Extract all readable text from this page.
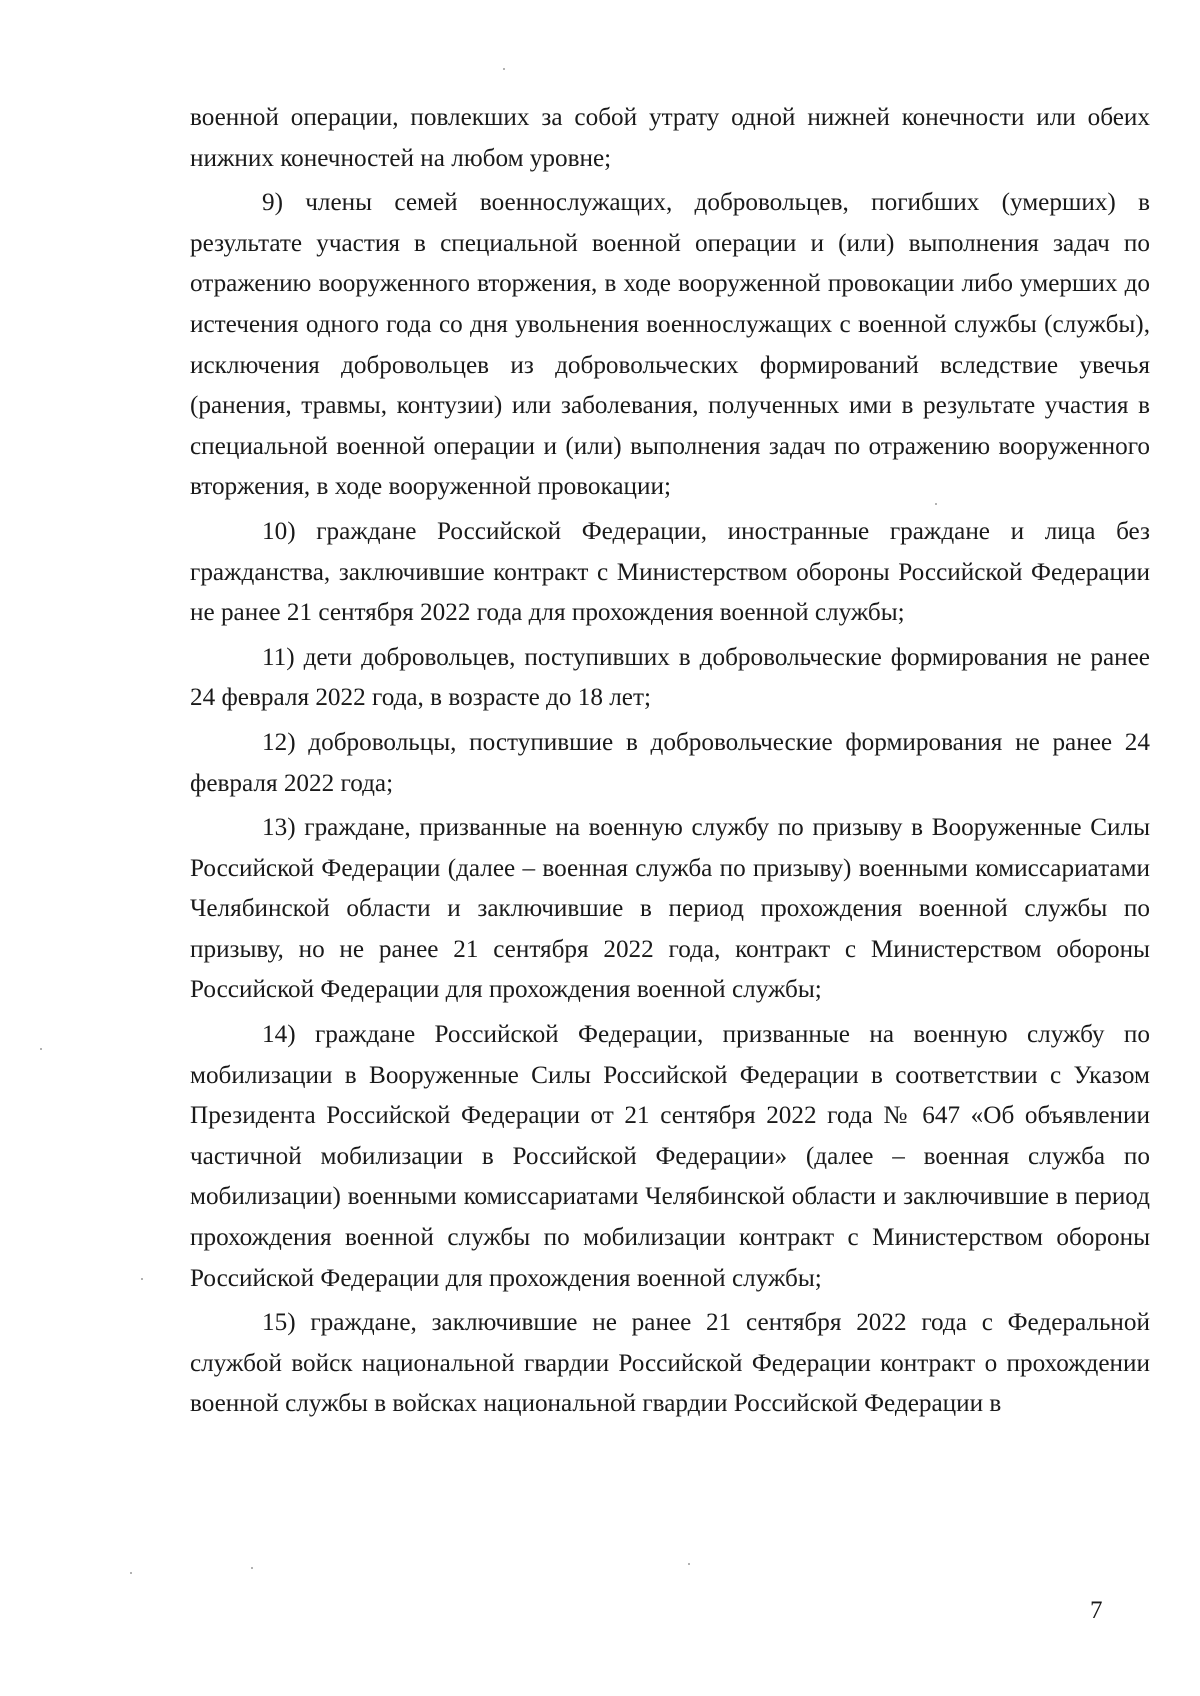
военной операции, повлекших за собой утрату одной нижней конечности или обеих нижних конечностей на любом уровне;

9) члены семей военнослужащих, добровольцев, погибших (умерших) в результате участия в специальной военной операции и (или) выполнения задач по отражению вооруженного вторжения, в ходе вооруженной провокации либо умерших до истечения одного года со дня увольнения военнослужащих с военной службы (службы), исключения добровольцев из добровольческих формирований вследствие увечья (ранения, травмы, контузии) или заболевания, полученных ими в результате участия в специальной военной операции и (или) выполнения задач по отражению вооруженного вторжения, в ходе вооруженной провокации;

10) граждане Российской Федерации, иностранные граждане и лица без гражданства, заключившие контракт с Министерством обороны Российской Федерации не ранее 21 сентября 2022 года для прохождения военной службы;

11) дети добровольцев, поступивших в добровольческие формирования не ранее 24 февраля 2022 года, в возрасте до 18 лет;

12) добровольцы, поступившие в добровольческие формирования не ранее 24 февраля 2022 года;

13) граждане, призванные на военную службу по призыву в Вооруженные Силы Российской Федерации (далее – военная служба по призыву) военными комиссариатами Челябинской области и заключившие в период прохождения военной службы по призыву, но не ранее 21 сентября 2022 года, контракт с Министерством обороны Российской Федерации для прохождения военной службы;

14) граждане Российской Федерации, призванные на военную службу по мобилизации в Вооруженные Силы Российской Федерации в соответствии с Указом Президента Российской Федерации от 21 сентября 2022 года № 647 «Об объявлении частичной мобилизации в Российской Федерации» (далее – военная служба по мобилизации) военными комиссариатами Челябинской области и заключившие в период прохождения военной службы по мобилизации контракт с Министерством обороны Российской Федерации для прохождения военной службы;

15) граждане, заключившие не ранее 21 сентября 2022 года с Федеральной службой войск национальной гвардии Российской Федерации контракт о прохождении военной службы в войсках национальной гвардии Российской Федерации в

7
